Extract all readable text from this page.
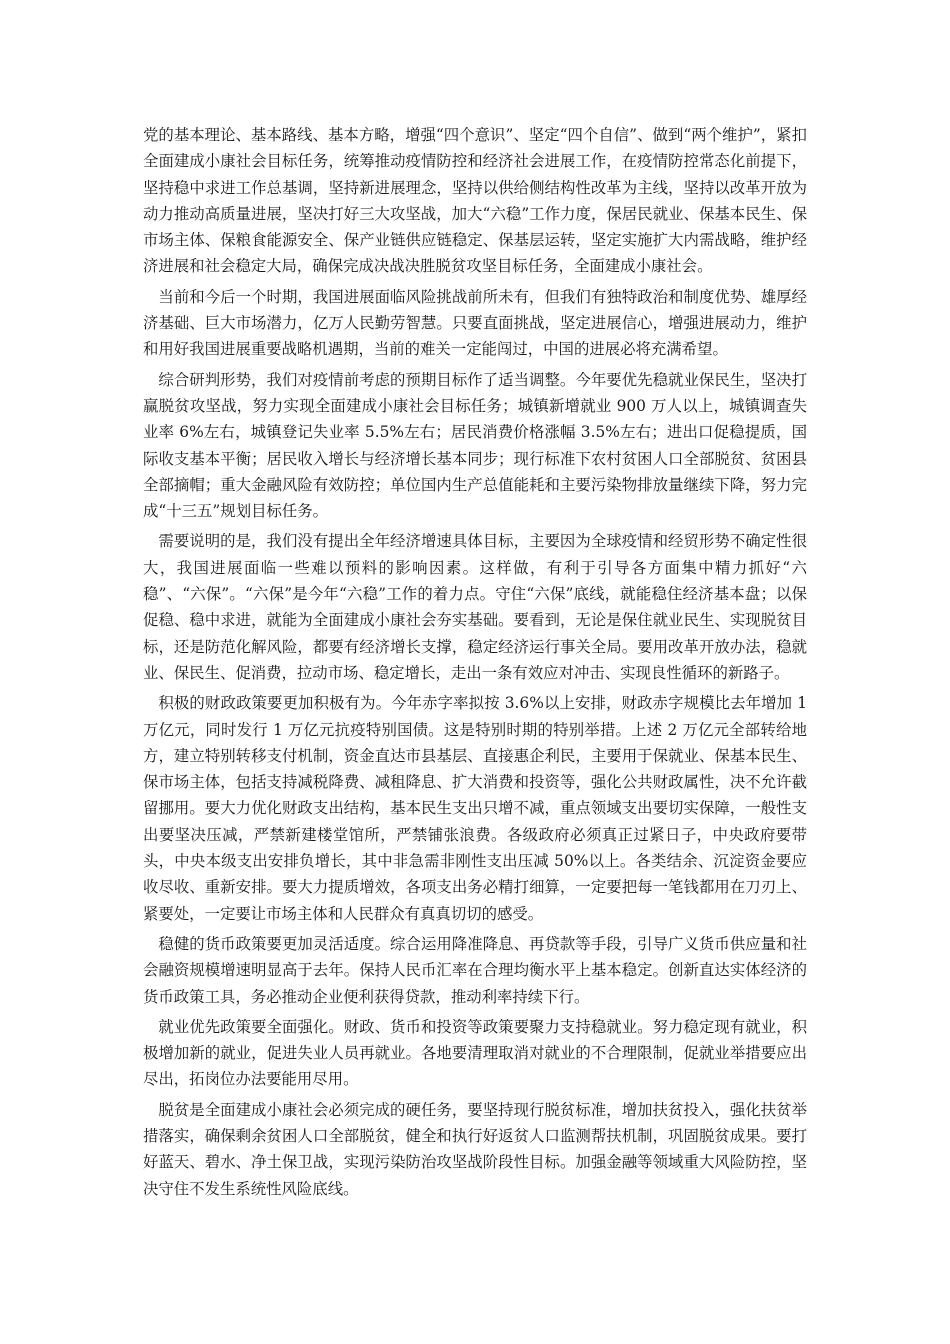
党的基本理论、基本路线、基本方略，增强“四个意识”、坚定“四个自信”、做到“两个维护”，紧扣全面建成小康社会目标任务，统筹推动疫情防控和经济社会进展工作，在疫情防控常态化前提下，坚持稳中求进工作总基调，坚持新进展理念，坚持以供给侧结构性改革为主线，坚持以改革开放为动力推动高质量进展，坚决打好三大攻坚战，加大“六稳”工作力度，保居民就业、保基本民生、保市场主体、保粮食能源安全、保产业链供应链稳定、保基层运转，坚定实施扩大内需战略，维护经济进展和社会稳定大局，确保完成决战决胜脱贫攻坚目标任务，全面建成小康社会。

当前和今后一个时期，我国进展面临风险挑战前所未有，但我们有独特政治和制度优势、雄厚经济基础、巨大市场潜力，亿万人民勤劳智慧。只要直面挑战，坚定进展信心，增强进展动力，维护和用好我国进展重要战略机遇期，当前的难关一定能闯过，中国的进展必将充满希望。

综合研判形势，我们对疫情前考虑的预期目标作了适当调整。今年要优先稳就业保民生，坚决打赢脱贫攻坚战，努力实现全面建成小康社会目标任务；城镇新增就业 900 万人以上，城镇调查失业率 6%左右，城镇登记失业率 5.5%左右；居民消费价格涨幅 3.5%左右；进出口促稳提质，国际收支基本平衡；居民收入增长与经济增长基本同步；现行标准下农村贫困人口全部脱贫、贫困县全部摘帽；重大金融风险有效防控；单位国内生产总值能耗和主要污染物排放量继续下降，努力完成“十三五”规划目标任务。

需要说明的是，我们没有提出全年经济增速具体目标，主要因为全球疫情和经贸形势不确定性很大，我国进展面临一些难以预料的影响因素。这样做，有利于引导各方面集中精力抓好“六稳”、“六保”。“六保”是今年“六稳”工作的着力点。守住“六保”底线，就能稳住经济基本盘；以保促稳、稳中求进，就能为全面建成小康社会夯实基础。要看到，无论是保住就业民生、实现脱贫目标，还是防范化解风险，都要有经济增长支撑，稳定经济运行事关全局。要用改革开放办法，稳就业、保民生、促消费，拉动市场、稳定增长，走出一条有效应对冲击、实现良性循环的新路子。

积极的财政政策要更加积极有为。今年赤字率拟按 3.6%以上安排，财政赤字规模比去年增加 1 万亿元，同时发行 1 万亿元抗疫特别国债。这是特别时期的特别举措。上述 2 万亿元全部转给地方，建立特别转移支付机制，资金直达市县基层、直接惠企利民，主要用于保就业、保基本民生、保市场主体，包括支持减税降费、减租降息、扩大消费和投资等，强化公共财政属性，决不允许截留挪用。要大力优化财政支出结构，基本民生支出只增不减，重点领域支出要切实保障，一般性支出要坚决压减，严禁新建楼堂馆所，严禁铺张浪费。各级政府必须真正过紧日子，中央政府要带头，中央本级支出安排负增长，其中非急需非刚性支出压减 50%以上。各类结余、沉淀资金要应收尽收、重新安排。要大力提质增效，各项支出务必精打细算，一定要把每一笔钱都用在刀刃上、紧要处，一定要让市场主体和人民群众有真真切切的感受。

稳健的货币政策要更加灵活适度。综合运用降准降息、再贷款等手段，引导广义货币供应量和社会融资规模增速明显高于去年。保持人民币汇率在合理均衡水平上基本稳定。创新直达实体经济的货币政策工具，务必推动企业便利获得贷款，推动利率持续下行。

就业优先政策要全面强化。财政、货币和投资等政策要聚力支持稳就业。努力稳定现有就业，积极增加新的就业，促进失业人员再就业。各地要清理取消对就业的不合理限制，促就业举措要应出尽出，拓岗位办法要能用尽用。

脱贫是全面建成小康社会必须完成的硬任务，要坚持现行脱贫标准，增加扶贫投入，强化扶贫举措落实，确保剩余贫困人口全部脱贫，健全和执行好返贫人口监测帮扶机制，巩固脱贫成果。要打好蓝天、碧水、净土保卫战，实现污染防治攻坚战阶段性目标。加强金融等领域重大风险防控，坚决守住不发生系统性风险底线。
